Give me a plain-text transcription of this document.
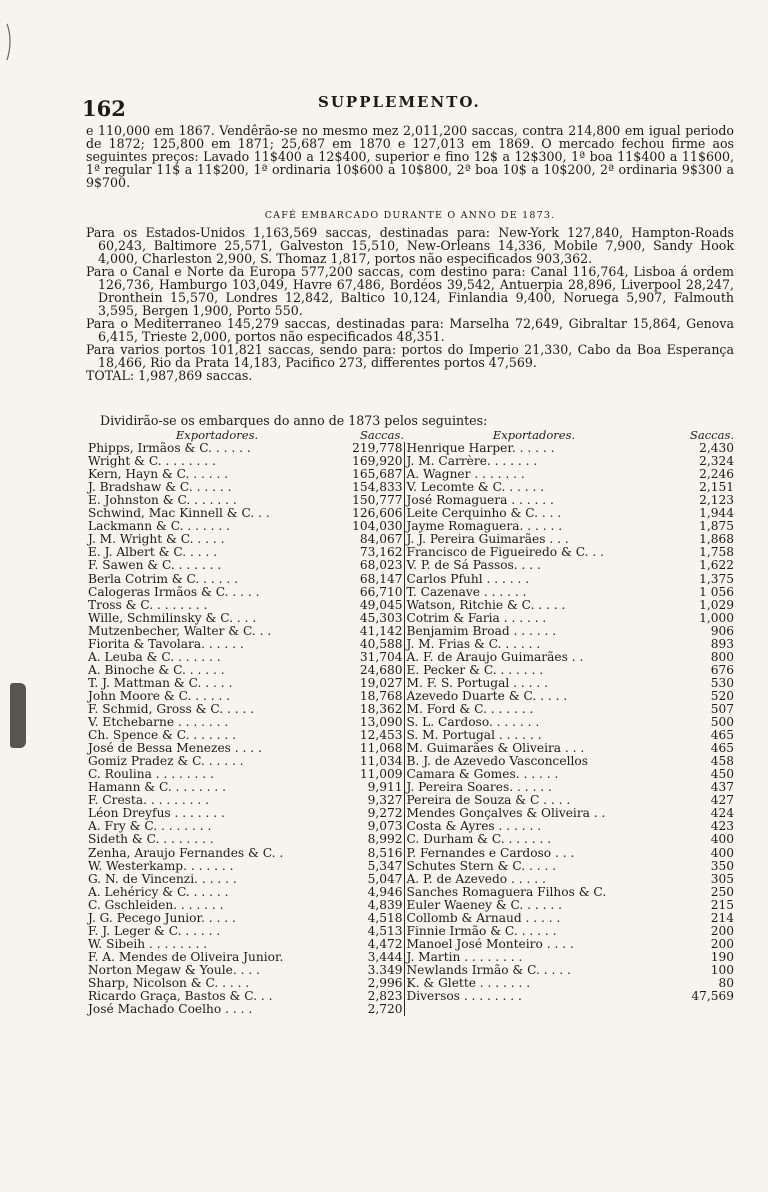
162	SUPPLEMENTO.
e 110,000 em 1867. Vendêrão-se no mesmo mez 2,011,200 saccas, contra 214,800 em igual periodo de 1872; 125,800 em 1871; 25,687 em 1870 e 127,013 em 1869. O mercado fechou firme aos seguintes preços: Lavado 11$400 a 12$400, superior e fino 12$ a 12$300, 1ª boa 11$400 a 11$600, 1ª regular 11$ a 11$200, 1ª ordinaria 10$600 a 10$800, 2ª boa 10$ a 10$200, 2ª ordinaria 9$300 a 9$700.
CAFÉ EMBARCADO DURANTE O ANNO DE 1873.

Para os Estados-Unidos 1,163,569 saccas, destinadas para: New-York 127,840, Hampton-Roads 60,243, Baltimore 25,571, Galveston 15,510, New-Orleans 14,336, Mobile 7,900, Sandy Hook 4,000, Charleston 2,900, S. Thomaz 1,817, portos não especificados 903,362.

Para o Canal e Norte da Europa 577,200 saccas, com destino para: Canal 116,764, Lisboa á ordem 126,736, Hamburgo 103,049, Havre 67,486, Bordéos 39,542, Antuerpia 28,896, Liverpool 28,247, Dronthein 15,570, Londres 12,842, Baltico 10,124, Finlandia 9,400, Noruega 5,907, Falmouth 3,595, Bergen 1,900, Porto 550.

Para o Mediterraneo 145,279 saccas, destinadas para: Marselha 72,649, Gibraltar 15,864, Genova 6,415, Trieste 2,000, portos não especificados 48,351.

Para varios portos 101,821 saccas, sendo para: portos do Imperio 21,330, Cabo da Boa Esperança 18,466, Rio da Prata 14,183, Pacifico 273, differentes portos 47,569.

TOTAL: 1,987,869 saccas.

Dividirão-se os embarques do anno de 1873 pelos seguintes:
Exportadores.	Saccas.	Exportadores.	Saccas.
Phipps, Irmãos & C. . . . . .	219,778	Henrique Harper. . . . . .	2,430
Wright & C. . . . . . . .	169,920	J. M. Carrère. . . . . . .	2,324
Kern, Hayn & C. . . . . .	165,687	A. Wagner . . . . . . .	2,246
J. Bradshaw & C. . . . . .	154,833	V. Lecomte & C. . . . . .	2,151
E. Johnston & C. . . . . . .	150,777	José Romaguera . . . . . .	2,123
Schwind, Mac Kinnell & C. . .	126,606	Leite Cerquinho & C. . . .	1,944
Lackmann & C. . . . . . .	104,030	Jayme Romaguera. . . . . .	1,875
J. M. Wright & C. . . . .	84,067	J. J. Pereira Guimarães . . .	1,868
E. J. Albert & C. . . . .	73,162	Francisco de Figueiredo & C. . .	1,758
F. Sawen & C. . . . . . .	68,023	V. P. de Sá Passos. . . .	1,622
Berla Cotrim & C. . . . . .	68,147	Carlos Pfuhl . . . . . .	1,375
Calogeras Irmãos & C. . . . .	66,710	T. Cazenave . . . . . .	1 056
Tross & C. . . . . . . .	49,045	Watson, Ritchie & C. . . . .	1,029
Wille, Schmilinsky & C. . . .	45,303	Cotrim & Faria . . . . . .	1,000
Mutzenbecher, Walter & C. . .	41,142	Benjamim Broad . . . . . .	906
Fiorita & Tavolara. . . . . .	40,588	J. M. Frias & C. . . . . .	893
A. Leuba & C. . . . . . .	31,704	A. F. de Araujo Guimarães . .	800
A. Binoche & C. . . . . .	24,680	E. Pecker & C. . . . . . .	676
T. J. Mattman & C. . . . .	19,027	M. F. S. Portugal . . . . .	530
John Moore & C. . . . . .	18,768	Azevedo Duarte & C. . . . .	520
F. Schmid, Gross & C. . . . .	18,362	M. Ford & C. . . . . . .	507
V. Etchebarne . . . . . . .	13,090	S. L. Cardoso. . . . . . .	500
Ch. Spence & C. . . . . . .	12,453	S. M. Portugal . . . . . .	465
José de Bessa Menezes . . . .	11,068	M. Guimarães & Oliveira . . .	465
Gomiz Pradez & C. . . . . .	11,034	B. J. de Azevedo Vasconcellos	458
C. Roulina . . . . . . . .	11,009	Camara & Gomes. . . . . .	450
Hamann & C. . . . . . . .	9,911	J. Pereira Soares. . . . . .	437
F. Cresta. . . . . . . . .	9,327	Pereira de Souza & C . . . .	427
Léon Dreyfus . . . . . . .	9,272	Mendes Gonçalves & Oliveira . .	424
A. Fry & C. . . . . . . .	9,073	Costa & Ayres . . . . . .	423
Sideth & C. . . . . . . .	8,992	C. Durham & C. . . . . . .	400
Zenha, Araujo Fernandes & C. .	8,516	P. Fernandes e Cardoso . . .	400
W. Westerkamp. . . . . . .	5,347	Schutes Stern & C. . . . .	350
G. N. de Vincenzi. . . . . .	5,047	A. P. de Azevedo . . . . .	305
A. Lehéricy & C. . . . . .	4,946	Sanches Romaguera Filhos & C.	250
C. Gschleiden. . . . . . .	4,839	Euler Waeney & C. . . . . .	215
J. G. Pecego Junior. . . . .	4,518	Collomb & Arnaud . . . . .	214
F. J. Leger & C. . . . . .	4,513	Finnie Irmão & C. . . . . .	200
W. Sibeih . . . . . . . .	4,472	Manoel José Monteiro . . . .	200
F. A. Mendes de Oliveira Junior.	3,444	J. Martin . . . . . . . .	190
Norton Megaw & Youle. . . .	3.349	Newlands Irmão & C. . . . .	100
Sharp, Nicolson & C. . . . .	2,996	K. & Glette . . . . . . .	80
Ricardo Graça, Bastos & C. . .	2,823	Diversos . . . . . . . .	47,569
José Machado Coelho . . . .	2,720		
